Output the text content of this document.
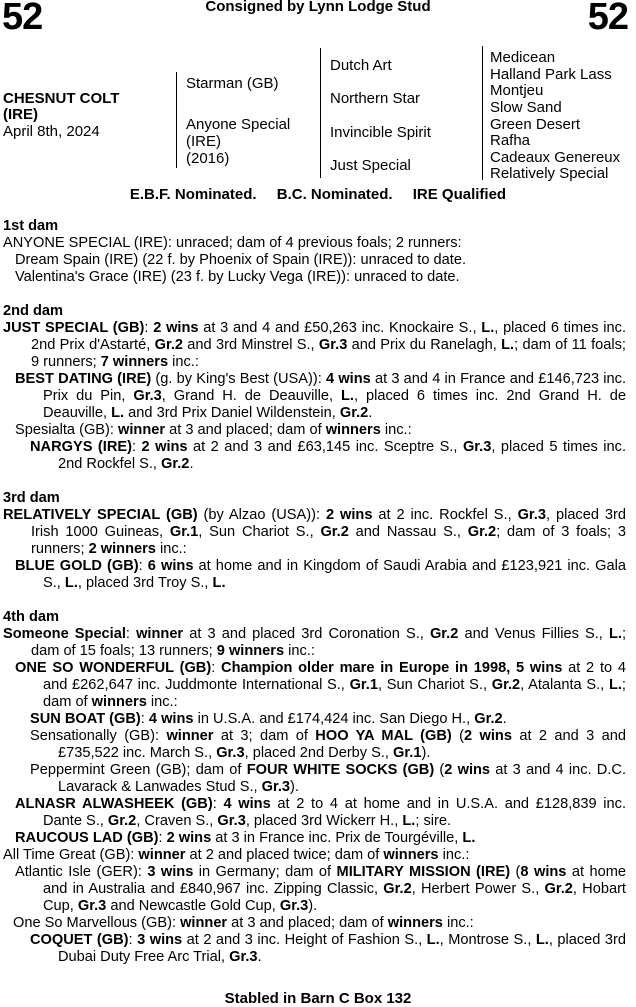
52	Consigned by Lynn Lodge Stud	52
CHESNUT COLT
(IRE)
April 8th, 2024
Starman (GB)
Anyone Special
(IRE)
(2016)
Dutch Art
Northern Star
Invincible Spirit
Just Special
Medicean
Halland Park Lass
Montjeu
Slow Sand
Green Desert
Rafha
Cadeaux Genereux
Relatively Special
E.B.F. Nominated. B.C. Nominated. IRE Qualified
1st dam
ANYONE SPECIAL (IRE): unraced; dam of 4 previous foals; 2 runners:
Dream Spain (IRE) (22 f. by Phoenix of Spain (IRE)): unraced to date.
Valentina's Grace (IRE) (23 f. by Lucky Vega (IRE)): unraced to date.
2nd dam
JUST SPECIAL (GB): 2 wins at 3 and 4 and £50,263 inc. Knockaire S., L., placed 6 times inc. 2nd Prix d'Astarté, Gr.2 and 3rd Minstrel S., Gr.3 and Prix du Ranelagh, L.; dam of 11 foals; 9 runners; 7 winners inc.:
BEST DATING (IRE) (g. by King's Best (USA)): 4 wins at 3 and 4 in France and £146,723 inc. Prix du Pin, Gr.3, Grand H. de Deauville, L., placed 6 times inc. 2nd Grand H. de Deauville, L. and 3rd Prix Daniel Wildenstein, Gr.2.
Spesialta (GB): winner at 3 and placed; dam of winners inc.:
NARGYS (IRE): 2 wins at 2 and 3 and £63,145 inc. Sceptre S., Gr.3, placed 5 times inc. 2nd Rockfel S., Gr.2.
3rd dam
RELATIVELY SPECIAL (GB) (by Alzao (USA)): 2 wins at 2 inc. Rockfel S., Gr.3, placed 3rd Irish 1000 Guineas, Gr.1, Sun Chariot S., Gr.2 and Nassau S., Gr.2; dam of 3 foals; 3 runners; 2 winners inc.:
BLUE GOLD (GB): 6 wins at home and in Kingdom of Saudi Arabia and £123,921 inc. Gala S., L., placed 3rd Troy S., L.
4th dam
Someone Special: winner at 3 and placed 3rd Coronation S., Gr.2 and Venus Fillies S., L.; dam of 15 foals; 13 runners; 9 winners inc.:
ONE SO WONDERFUL (GB): Champion older mare in Europe in 1998, 5 wins at 2 to 4 and £262,647 inc. Juddmonte International S., Gr.1, Sun Chariot S., Gr.2, Atalanta S., L.; dam of winners inc.:
SUN BOAT (GB): 4 wins in U.S.A. and £174,424 inc. San Diego H., Gr.2.
Sensationally (GB): winner at 3; dam of HOO YA MAL (GB) (2 wins at 2 and 3 and £735,522 inc. March S., Gr.3, placed 2nd Derby S., Gr.1).
Peppermint Green (GB); dam of FOUR WHITE SOCKS (GB) (2 wins at 3 and 4 inc. D.C. Lavarack & Lanwades Stud S., Gr.3).
ALNASR ALWASHEEK (GB): 4 wins at 2 to 4 at home and in U.S.A. and £128,839 inc. Dante S., Gr.2, Craven S., Gr.3, placed 3rd Wickerr H., L.; sire.
RAUCOUS LAD (GB): 2 wins at 3 in France inc. Prix de Tourgéville, L.
All Time Great (GB): winner at 2 and placed twice; dam of winners inc.:
Atlantic Isle (GER): 3 wins in Germany; dam of MILITARY MISSION (IRE) (8 wins at home and in Australia and £840,967 inc. Zipping Classic, Gr.2, Herbert Power S., Gr.2, Hobart Cup, Gr.3 and Newcastle Gold Cup, Gr.3).
One So Marvellous (GB): winner at 3 and placed; dam of winners inc.:
COQUET (GB): 3 wins at 2 and 3 inc. Height of Fashion S., L., Montrose S., L., placed 3rd Dubai Duty Free Arc Trial, Gr.3.
Stabled in Barn C Box 132
